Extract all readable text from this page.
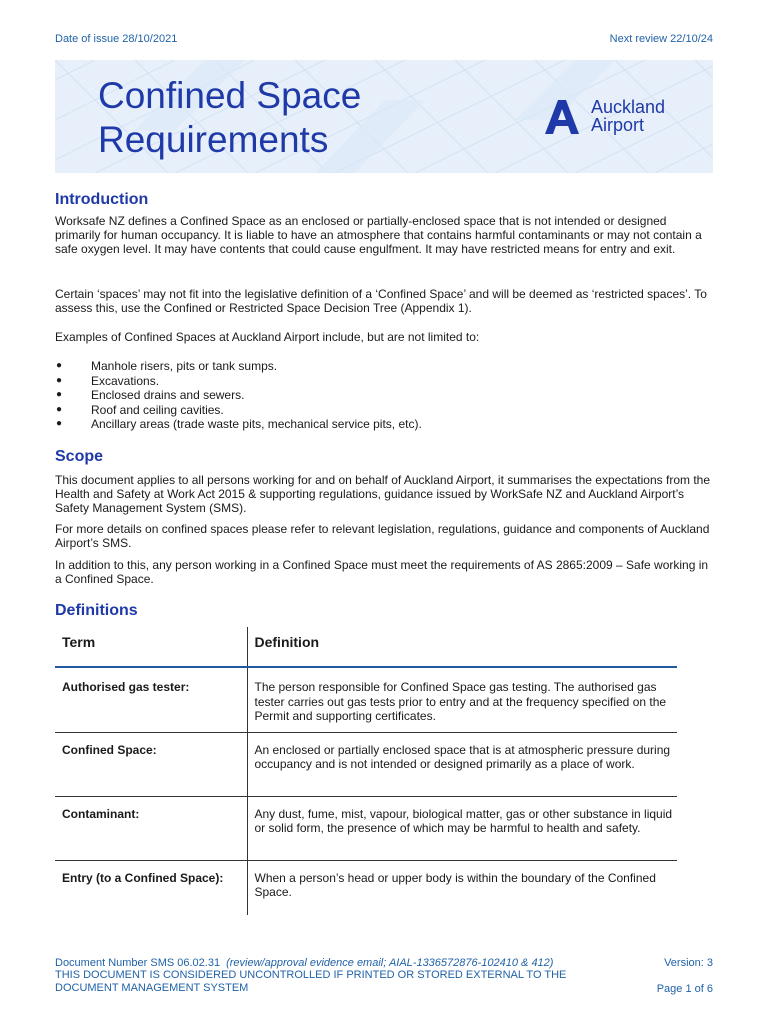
Date of issue 28/10/2021	Next review 22/10/24
Confined Space
Requirements
Auckland
Airport
Introduction

Worksafe NZ defines a Confined Space as an enclosed or partially-enclosed space that is not intended or designed primarily for human occupancy. It is liable to have an atmosphere that contains harmful contaminants or may not contain a safe oxygen level. It may have contents that could cause engulfment. It may have restricted means for entry and exit.

Certain ‘spaces’ may not fit into the legislative definition of a ‘Confined Space’ and will be deemed as ‘restricted spaces’. To assess this, use the Confined or Restricted Space Decision Tree (Appendix 1).

Examples of Confined Spaces at Auckland Airport include, but are not limited to:

● Manhole risers, pits or tank sumps.
● Excavations.
● Enclosed drains and sewers.
● Roof and ceiling cavities.
● Ancillary areas (trade waste pits, mechanical service pits, etc).
Scope

This document applies to all persons working for and on behalf of Auckland Airport, it summarises the expectations from the Health and Safety at Work Act 2015 & supporting regulations, guidance issued by WorkSafe NZ and Auckland Airport’s Safety Management System (SMS).

For more details on confined spaces please refer to relevant legislation, regulations, guidance and components of Auckland Airport’s SMS.

In addition to this, any person working in a Confined Space must meet the requirements of AS 2865:2009 – Safe working in a Confined Space.

Definitions
Term	Definition
Authorised gas tester:	The person responsible for Confined Space gas testing. The authorised gas tester carries out gas tests prior to entry and at the frequency specified on the Permit and supporting certificates.
Confined Space:	An enclosed or partially enclosed space that is at atmospheric pressure during occupancy and is not intended or designed primarily as a place of work.
Contaminant:	Any dust, fume, mist, vapour, biological matter, gas or other substance in liquid or solid form, the presence of which may be harmful to health and safety.
Entry (to a Confined Space):	When a person’s head or upper body is within the boundary of the Confined Space.
Document Number SMS 06.02.31 (review/approval evidence email; AIAL-1336572876-102410 & 412)	Version: 3
THIS DOCUMENT IS CONSIDERED UNCONTROLLED IF PRINTED OR STORED EXTERNAL TO THE DOCUMENT MANAGEMENT SYSTEM	Page 1 of 6
